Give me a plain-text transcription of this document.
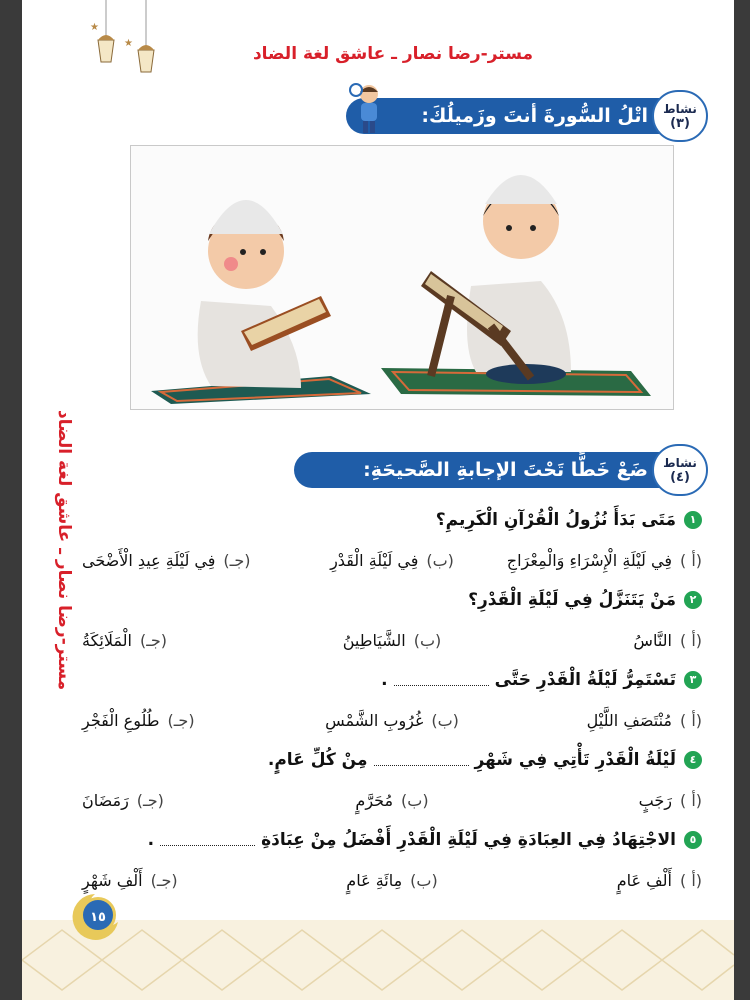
★
★
مستر-رضا نصار ـ عاشق لغة الضاد
اتْلُ السُّورةَ أنتَ وزَميلُكَ:	نشاط
(٣)
مستر-رضا نصار ـ عاشق لغة الضاد	ضَعْ خَطًّا تَحْتَ الإجابةِ الصَّحيحَةِ:	نشاط
(٤)
١
مَتَى بَدَأَ نُزُولُ الْقُرْآنِ الْكَرِيمِ؟
(أ )فِي لَيْلَةِ الْإِسْرَاءِ وَالْمِعْرَاجِ
(ب)فِي لَيْلَةِ الْقَدْرِ
(جـ)فِي لَيْلَةِ عِيدِ الْأَضْحَى
٢
مَنْ يَتَنَزَّلُ فِي لَيْلَةِ الْقَدْرِ؟
(أ )النَّاسُ
(ب)الشَّيَاطِينُ
(جـ)الْمَلَائِكَةُ
٣
تَسْتَمِرُّ لَيْلَةُ الْقَدْرِ حَتَّى
.
(أ )مُنْتَصَفِ اللَّيْلِ
(ب)غُرُوبِ الشَّمْسِ
(جـ)طُلُوعِ الْفَجْرِ
٤
لَيْلَةُ الْقَدْرِ تَأْتِي فِي شَهْرِ
مِنْ كُلِّ عَامٍ.
(أ )رَجَبٍ
(ب)مُحَرَّمٍ
(جـ)رَمَضَانَ
٥
الاجْتِهَادُ فِي العِبَادَةِ فِي لَيْلَةِ الْقَدْرِ أَفْضَلُ مِنْ عِبَادَةِ
.
(أ )أَلْفِ عَامٍ
(ب)مِائَةِ عَامٍ
(جـ)أَلْفِ شَهْرٍ
١٥
